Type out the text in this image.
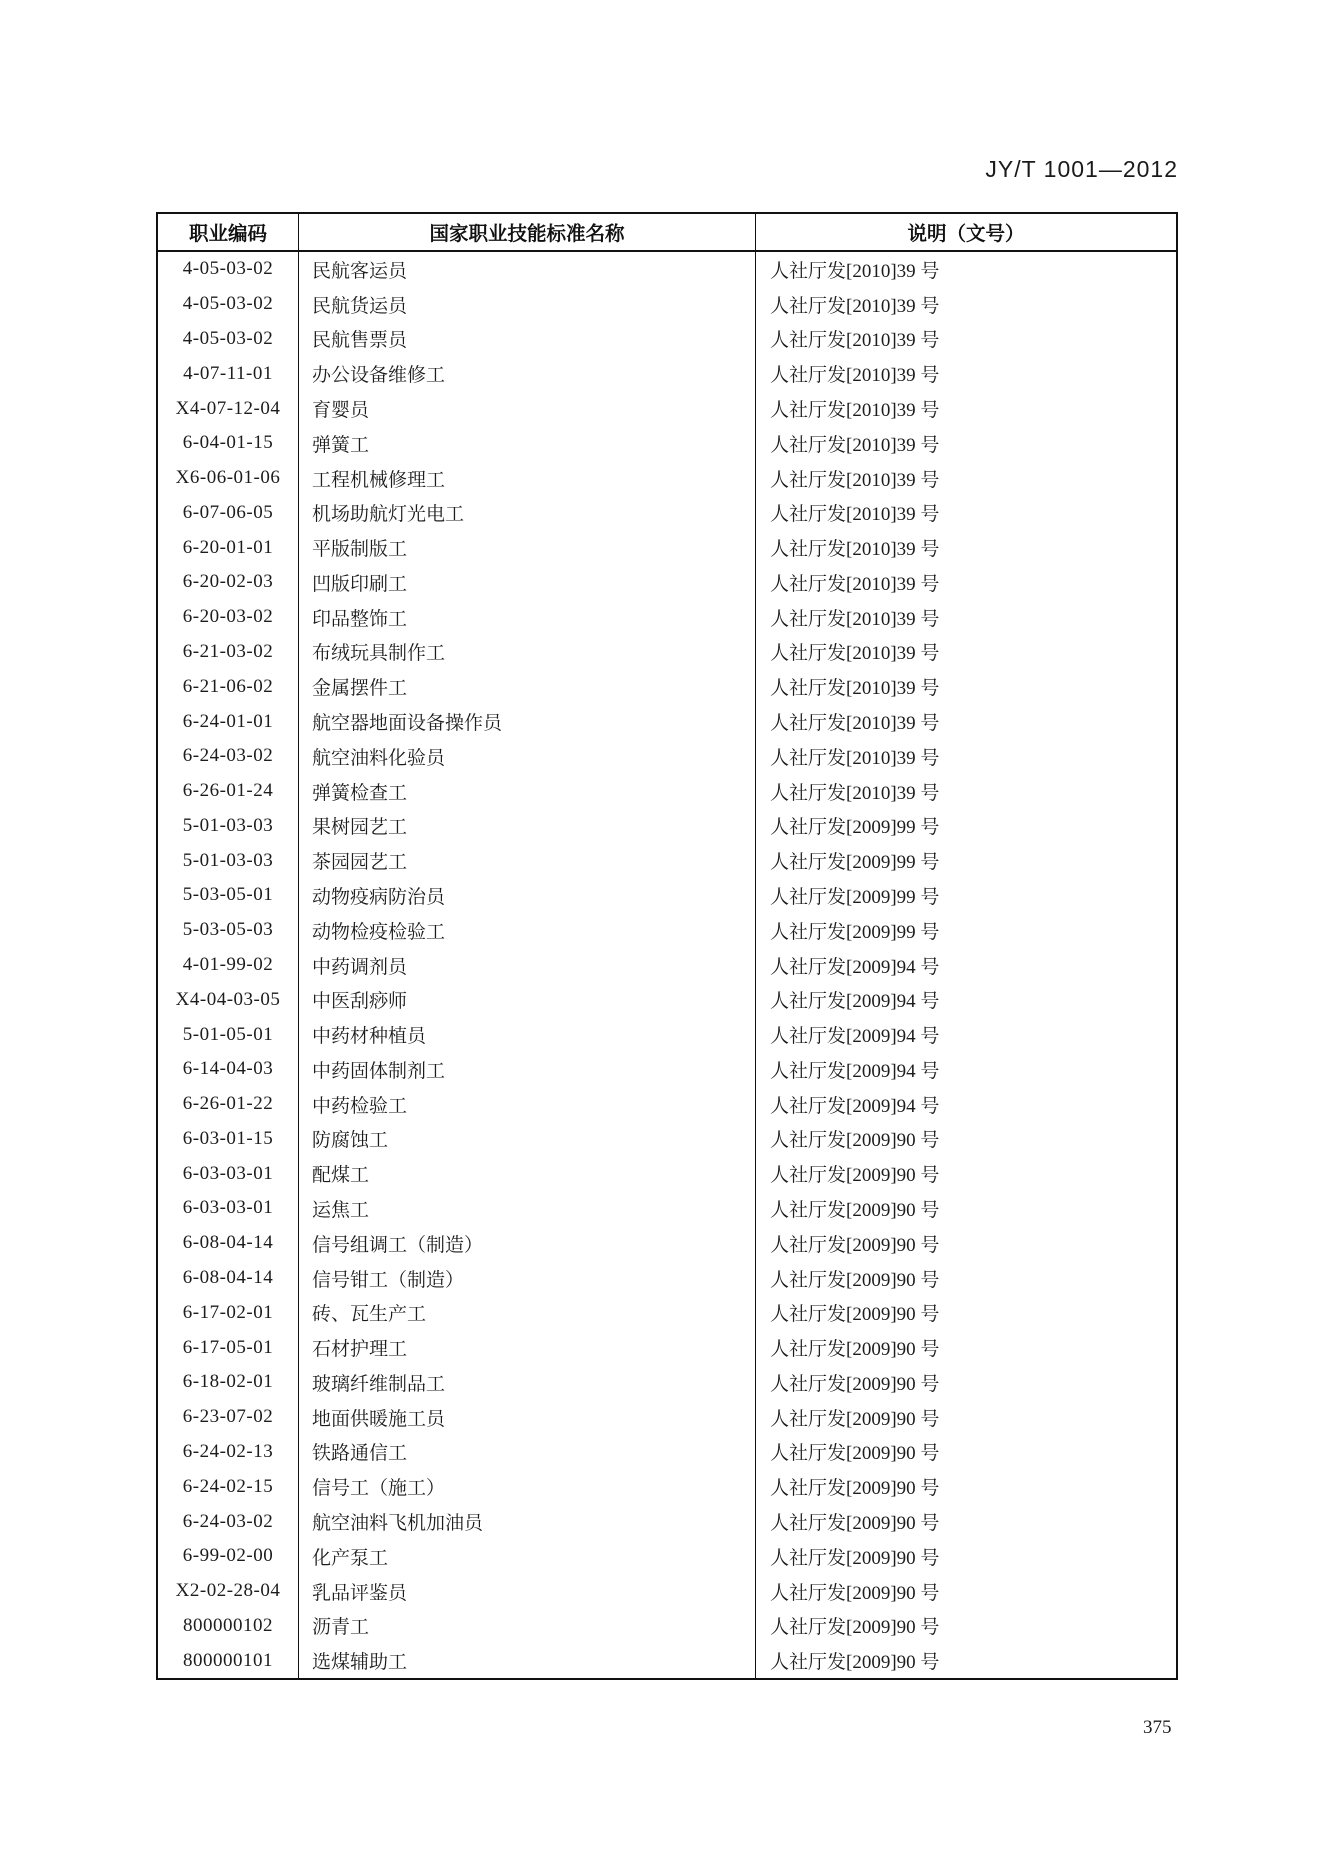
JY/T 1001—2012
职业编码	国家职业技能标准名称	说明（文号）
4-05-03-02	民航客运员	人社厅发[2010]39 号
4-05-03-02	民航货运员	人社厅发[2010]39 号
4-05-03-02	民航售票员	人社厅发[2010]39 号
4-07-11-01	办公设备维修工	人社厅发[2010]39 号
X4-07-12-04	育婴员	人社厅发[2010]39 号
6-04-01-15	弹簧工	人社厅发[2010]39 号
X6-06-01-06	工程机械修理工	人社厅发[2010]39 号
6-07-06-05	机场助航灯光电工	人社厅发[2010]39 号
6-20-01-01	平版制版工	人社厅发[2010]39 号
6-20-02-03	凹版印刷工	人社厅发[2010]39 号
6-20-03-02	印品整饰工	人社厅发[2010]39 号
6-21-03-02	布绒玩具制作工	人社厅发[2010]39 号
6-21-06-02	金属摆件工	人社厅发[2010]39 号
6-24-01-01	航空器地面设备操作员	人社厅发[2010]39 号
6-24-03-02	航空油料化验员	人社厅发[2010]39 号
6-26-01-24	弹簧检查工	人社厅发[2010]39 号
5-01-03-03	果树园艺工	人社厅发[2009]99 号
5-01-03-03	茶园园艺工	人社厅发[2009]99 号
5-03-05-01	动物疫病防治员	人社厅发[2009]99 号
5-03-05-03	动物检疫检验工	人社厅发[2009]99 号
4-01-99-02	中药调剂员	人社厅发[2009]94 号
X4-04-03-05	中医刮痧师	人社厅发[2009]94 号
5-01-05-01	中药材种植员	人社厅发[2009]94 号
6-14-04-03	中药固体制剂工	人社厅发[2009]94 号
6-26-01-22	中药检验工	人社厅发[2009]94 号
6-03-01-15	防腐蚀工	人社厅发[2009]90 号
6-03-03-01	配煤工	人社厅发[2009]90 号
6-03-03-01	运焦工	人社厅发[2009]90 号
6-08-04-14	信号组调工（制造）	人社厅发[2009]90 号
6-08-04-14	信号钳工（制造）	人社厅发[2009]90 号
6-17-02-01	砖、瓦生产工	人社厅发[2009]90 号
6-17-05-01	石材护理工	人社厅发[2009]90 号
6-18-02-01	玻璃纤维制品工	人社厅发[2009]90 号
6-23-07-02	地面供暖施工员	人社厅发[2009]90 号
6-24-02-13	铁路通信工	人社厅发[2009]90 号
6-24-02-15	信号工（施工）	人社厅发[2009]90 号
6-24-03-02	航空油料飞机加油员	人社厅发[2009]90 号
6-99-02-00	化产泵工	人社厅发[2009]90 号
X2-02-28-04	乳品评鉴员	人社厅发[2009]90 号
800000102	沥青工	人社厅发[2009]90 号
800000101	选煤辅助工	人社厅发[2009]90 号
375
